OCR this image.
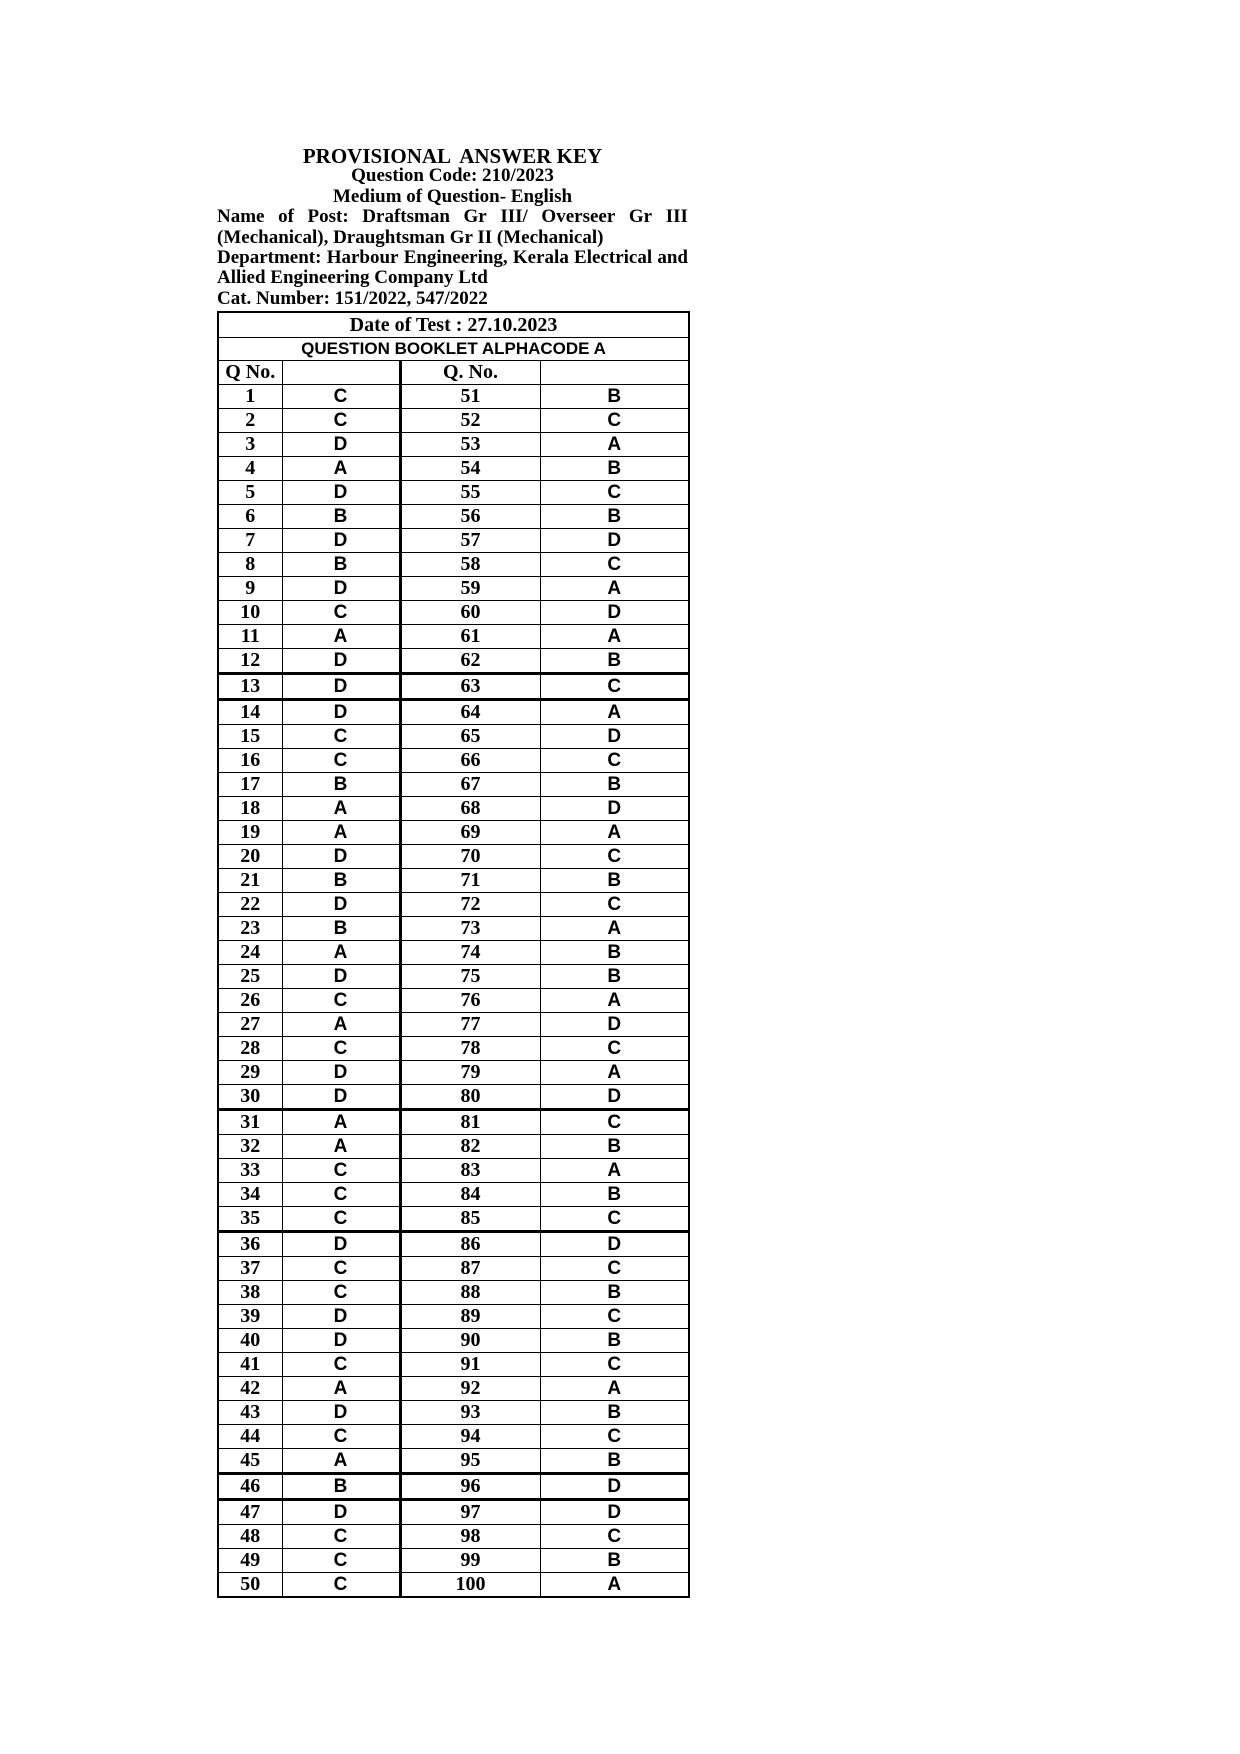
PROVISIONAL  ANSWER KEY
Question Code: 210/2023
Medium of Question- English
Name of Post: Draftsman Gr III/ Overseer Gr III
(Mechanical), Draughtsman Gr II (Mechanical)
Department: Harbour Engineering, Kerala Electrical and
Allied Engineering Company Ltd
Cat. Number: 151/2022, 547/2022
Date of Test : 27.10.2023			
QUESTION BOOKLET ALPHACODE A			
Q No.		Q. No.	
1	C	51	B
2	C	52	C
3	D	53	A
4	A	54	B
5	D	55	C
6	B	56	B
7	D	57	D
8	B	58	C
9	D	59	A
10	C	60	D
11	A	61	A
12	D	62	B
13	D	63	C
14	D	64	A
15	C	65	D
16	C	66	C
17	B	67	B
18	A	68	D
19	A	69	A
20	D	70	C
21	B	71	B
22	D	72	C
23	B	73	A
24	A	74	B
25	D	75	B
26	C	76	A
27	A	77	D
28	C	78	C
29	D	79	A
30	D	80	D
31	A	81	C
32	A	82	B
33	C	83	A
34	C	84	B
35	C	85	C
36	D	86	D
37	C	87	C
38	C	88	B
39	D	89	C
40	D	90	B
41	C	91	C
42	A	92	A
43	D	93	B
44	C	94	C
45	A	95	B
46	B	96	D
47	D	97	D
48	C	98	C
49	C	99	B
50	C	100	A
